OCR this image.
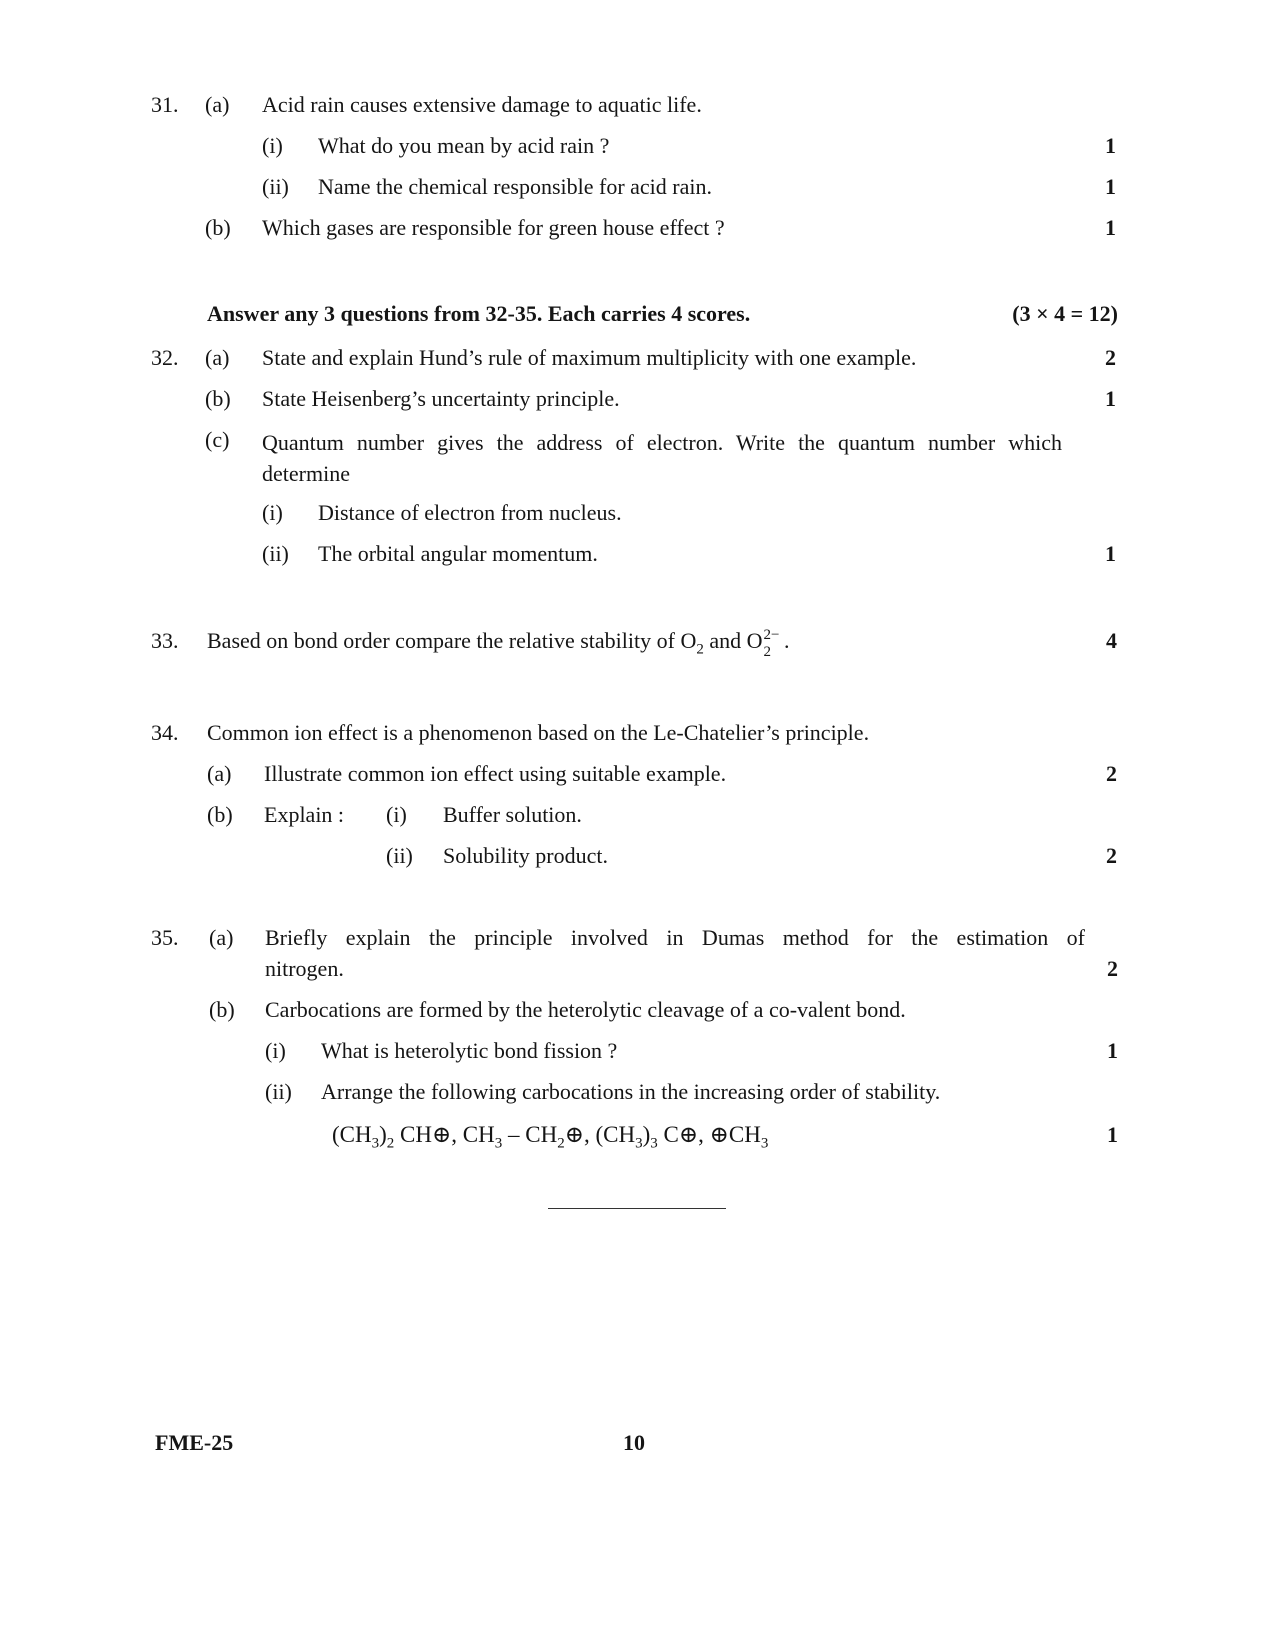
31. (a) Acid rain causes extensive damage to aquatic life.
(i) What do you mean by acid rain ?	1
(ii) Name the chemical responsible for acid rain.	1
(b) Which gases are responsible for green house effect ?	1
Answer any 3 questions from 32-35. Each carries 4 scores.	(3 × 4 = 12)
32. (a) State and explain Hund’s rule of maximum multiplicity with one example.	2
(b) State Heisenberg’s uncertainty principle.	1
(c) Quantum number gives the address of electron. Write the quantum number which determine
(i) Distance of electron from nucleus.
(ii) The orbital angular momentum.	1
33. Based on bond order compare the relative stability of $O_2$ and O 2−
2 .	4
34. Common ion effect is a phenomenon based on the Le-Chatelier’s principle.
(a) Illustrate common ion effect using suitable example.	2
(b) Explain : (i) Buffer solution.
(ii) Solubility product.	2
35. (a) Briefly explain the principle involved in Dumas method for the estimation of
nitrogen.	2
(b) Carbocations are formed by the heterolytic cleavage of a co-valent bond.
(i) What is heterolytic bond fission ?	1
(ii) Arrange the following carbocations in the increasing order of stability.
$(CH_3)_2$ CH⊕, $CH_3$ – $CH_2\oplus$, $(CH_3)_3$ C⊕, $\oplus CH_3$	1
FME-25	10
